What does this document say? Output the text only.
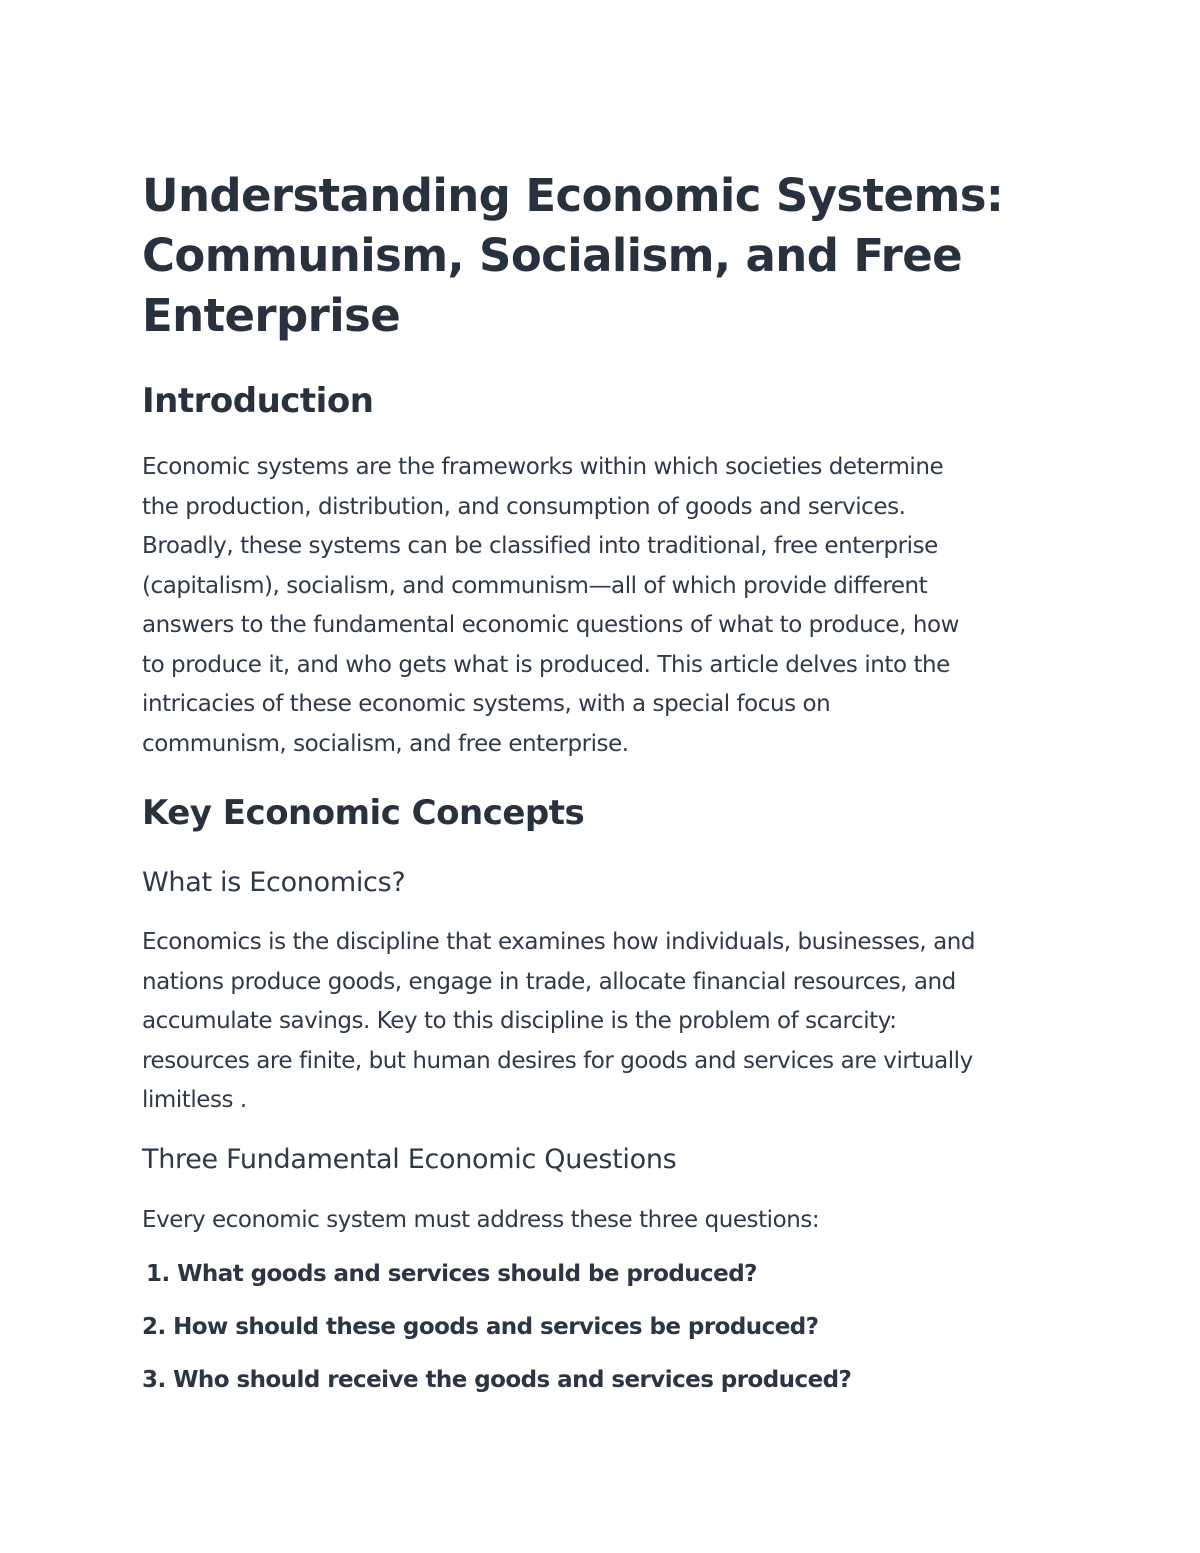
Understanding Economic Systems:
Communism, Socialism, and Free
Enterprise
Introduction

Economic systems are the frameworks within which societies determine
the production, distribution, and consumption of goods and services.
Broadly, these systems can be classified into traditional, free enterprise
(capitalism), socialism, and communism—all of which provide different
answers to the fundamental economic questions of what to produce, how
to produce it, and who gets what is produced. This article delves into the
intricacies of these economic systems, with a special focus on
communism, socialism, and free enterprise.

Key Economic Concepts
What is Economics?

Economics is the discipline that examines how individuals, businesses, and
nations produce goods, engage in trade, allocate financial resources, and
accumulate savings. Key to this discipline is the problem of scarcity:
resources are finite, but human desires for goods and services are virtually
limitless .

Three Fundamental Economic Questions

Every economic system must address these three questions:

1. What goods and services should be produced?

2. How should these goods and services be produced?

3. Who should receive the goods and services produced?
